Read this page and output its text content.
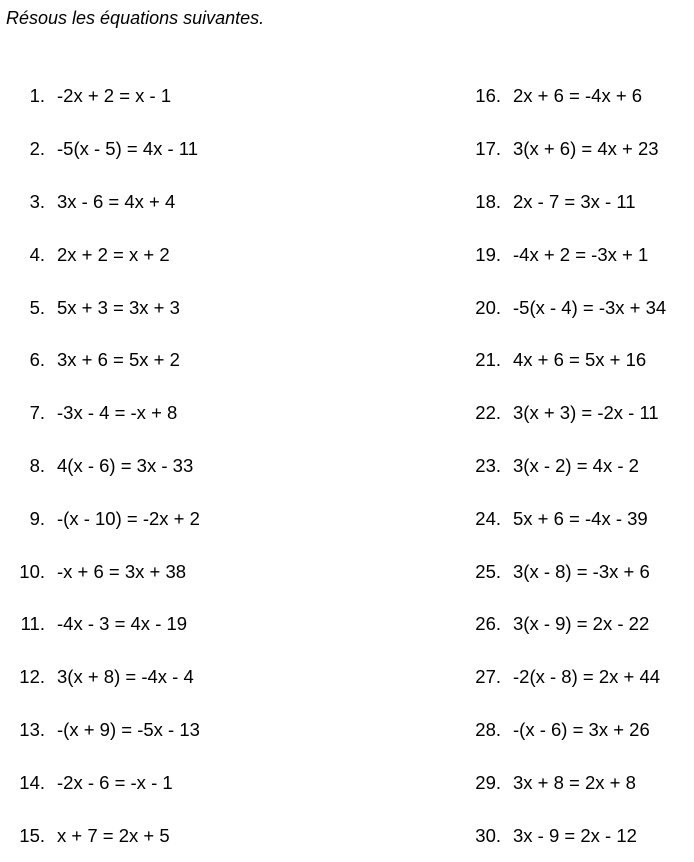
Résous les équations suivantes.
1. -2x + 2 = x - 1
2. -5(x - 5) = 4x - 11
3. 3x - 6 = 4x + 4
4. 2x + 2 = x + 2
5. 5x + 3 = 3x + 3
6. 3x + 6 = 5x + 2
7. -3x - 4 = -x + 8
8. 4(x - 6) = 3x - 33
9. -(x - 10) = -2x + 2
10. -x + 6 = 3x + 38
11. -4x - 3 = 4x - 19
12. 3(x + 8) = -4x - 4
13. -(x + 9) = -5x - 13
14. -2x - 6 = -x - 1
15. x + 7 = 2x + 5
16. 2x + 6 = -4x + 6
17. 3(x + 6) = 4x + 23
18. 2x - 7 = 3x - 11
19. -4x + 2 = -3x + 1
20. -5(x - 4) = -3x + 34
21. 4x + 6 = 5x + 16
22. 3(x + 3) = -2x - 11
23. 3(x - 2) = 4x - 2
24. 5x + 6 = -4x - 39
25. 3(x - 8) = -3x + 6
26. 3(x - 9) = 2x - 22
27. -2(x - 8) = 2x + 44
28. -(x - 6) = 3x + 26
29. 3x + 8 = 2x + 8
30. 3x - 9 = 2x - 12
